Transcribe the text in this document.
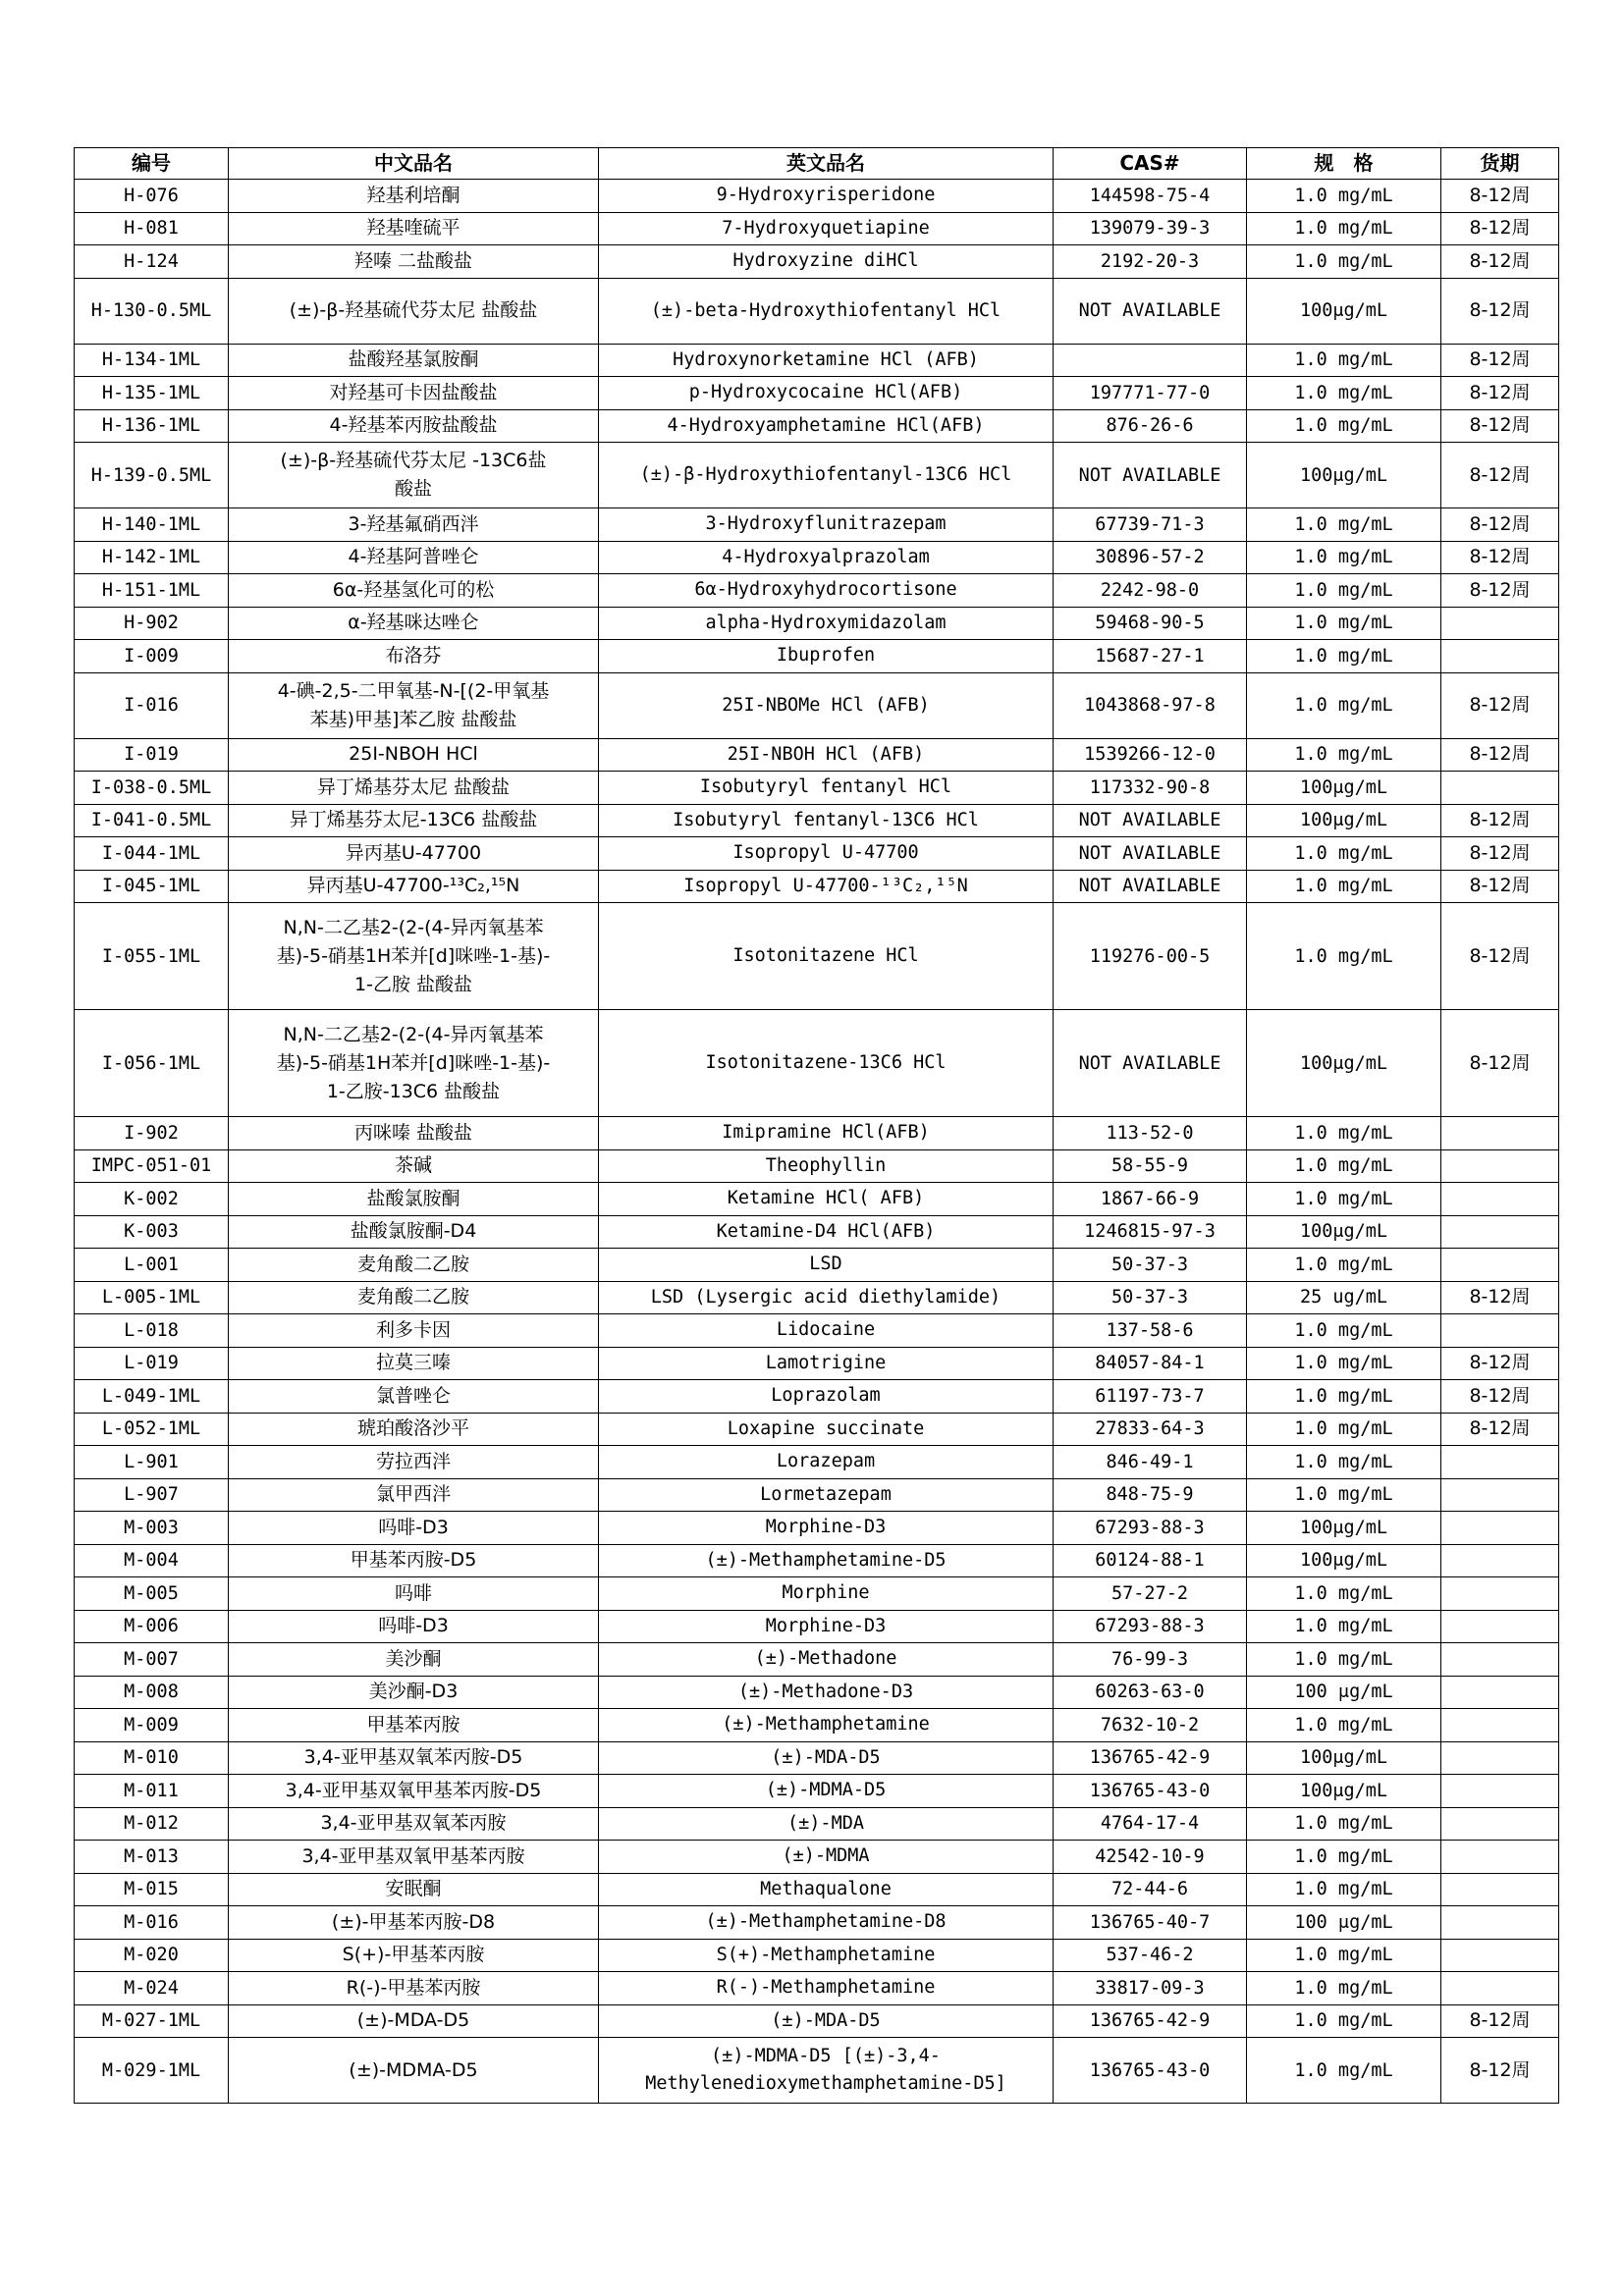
编号	中文品名	英文品名	CAS#	规　格	货期
H-076	羟基利培酮	9-Hydroxyrisperidone	144598-75-4	1.0 mg/mL	8-12周
H-081	羟基喹硫平	7-Hydroxyquetiapine	139079-39-3	1.0 mg/mL	8-12周
H-124	羟嗪 二盐酸盐	Hydroxyzine diHCl	2192-20-3	1.0 mg/mL	8-12周
H-130-0.5ML	(±)-β-羟基硫代芬太尼 盐酸盐	(±)-beta-Hydroxythiofentanyl HCl	NOT AVAILABLE	100μg/mL	8-12周
H-134-1ML	盐酸羟基氯胺酮	Hydroxynorketamine HCl (AFB)		1.0 mg/mL	8-12周
H-135-1ML	对羟基可卡因盐酸盐	p-Hydroxycocaine HCl(AFB)	197771-77-0	1.0 mg/mL	8-12周
H-136-1ML	4-羟基苯丙胺盐酸盐	4-Hydroxyamphetamine HCl(AFB)	876-26-6	1.0 mg/mL	8-12周
H-139-0.5ML	(±)-β-羟基硫代芬太尼 -13C6盐
酸盐	(±)-β-Hydroxythiofentanyl-13C6 HCl	NOT AVAILABLE	100μg/mL	8-12周
H-140-1ML	3-羟基氟硝西泮	3-Hydroxyflunitrazepam	67739-71-3	1.0 mg/mL	8-12周
H-142-1ML	4-羟基阿普唑仑	4-Hydroxyalprazolam	30896-57-2	1.0 mg/mL	8-12周
H-151-1ML	6α-羟基氢化可的松	6α-Hydroxyhydrocortisone	2242-98-0	1.0 mg/mL	8-12周
H-902	α-羟基咪达唑仑	alpha-Hydroxymidazolam	59468-90-5	1.0 mg/mL	
I-009	布洛芬	Ibuprofen	15687-27-1	1.0 mg/mL	
I-016	4-碘-2,5-二甲氧基-N-[(2-甲氧基
苯基)甲基]苯乙胺 盐酸盐	25I-NBOMe HCl (AFB)	1043868-97-8	1.0 mg/mL	8-12周
I-019	25I-NBOH HCl	25I-NBOH HCl (AFB)	1539266-12-0	1.0 mg/mL	8-12周
I-038-0.5ML	异丁烯基芬太尼 盐酸盐	Isobutyryl fentanyl HCl	117332-90-8	100μg/mL	
I-041-0.5ML	异丁烯基芬太尼-13C6 盐酸盐	Isobutyryl fentanyl-13C6 HCl	NOT AVAILABLE	100μg/mL	8-12周
I-044-1ML	异丙基U-47700	Isopropyl U-47700	NOT AVAILABLE	1.0 mg/mL	8-12周
I-045-1ML	异丙基U-47700-¹³C₂,¹⁵N	Isopropyl U-47700-¹³C₂,¹⁵N	NOT AVAILABLE	1.0 mg/mL	8-12周
I-055-1ML	N,N-二乙基2-(2-(4-异丙氧基苯
基)-5-硝基1H苯并[d]咪唑-1-基)-
1-乙胺 盐酸盐	Isotonitazene HCl	119276-00-5	1.0 mg/mL	8-12周
I-056-1ML	N,N-二乙基2-(2-(4-异丙氧基苯
基)-5-硝基1H苯并[d]咪唑-1-基)-
1-乙胺-13C6 盐酸盐	Isotonitazene-13C6 HCl	NOT AVAILABLE	100μg/mL	8-12周
I-902	丙咪嗪 盐酸盐	Imipramine HCl(AFB)	113-52-0	1.0 mg/mL	
IMPC-051-01	茶碱	Theophyllin	58-55-9	1.0 mg/mL	
K-002	盐酸氯胺酮	Ketamine HCl( AFB)	1867-66-9	1.0 mg/mL	
K-003	盐酸氯胺酮-D4	Ketamine-D4 HCl(AFB)	1246815-97-3	100μg/mL	
L-001	麦角酸二乙胺	LSD	50-37-3	1.0 mg/mL	
L-005-1ML	麦角酸二乙胺	LSD (Lysergic acid diethylamide)	50-37-3	25 ug/mL	8-12周
L-018	利多卡因	Lidocaine	137-58-6	1.0 mg/mL	
L-019	拉莫三嗪	Lamotrigine	84057-84-1	1.0 mg/mL	8-12周
L-049-1ML	氯普唑仑	Loprazolam	61197-73-7	1.0 mg/mL	8-12周
L-052-1ML	琥珀酸洛沙平	Loxapine succinate	27833-64-3	1.0 mg/mL	8-12周
L-901	劳拉西泮	Lorazepam	846-49-1	1.0 mg/mL	
L-907	氯甲西泮	Lormetazepam	848-75-9	1.0 mg/mL	
M-003	吗啡-D3	Morphine-D3	67293-88-3	100μg/mL	
M-004	甲基苯丙胺-D5	(±)-Methamphetamine-D5	60124-88-1	100μg/mL	
M-005	吗啡	Morphine	57-27-2	1.0 mg/mL	
M-006	吗啡-D3	Morphine-D3	67293-88-3	1.0 mg/mL	
M-007	美沙酮	(±)-Methadone	76-99-3	1.0 mg/mL	
M-008	美沙酮-D3	(±)-Methadone-D3	60263-63-0	100 μg/mL	
M-009	甲基苯丙胺	(±)-Methamphetamine	7632-10-2	1.0 mg/mL	
M-010	3,4-亚甲基双氧苯丙胺-D5	(±)-MDA-D5	136765-42-9	100μg/mL	
M-011	3,4-亚甲基双氧甲基苯丙胺-D5	(±)-MDMA-D5	136765-43-0	100μg/mL	
M-012	3,4-亚甲基双氧苯丙胺	(±)-MDA	4764-17-4	1.0 mg/mL	
M-013	3,4-亚甲基双氧甲基苯丙胺	(±)-MDMA	42542-10-9	1.0 mg/mL	
M-015	安眠酮	Methaqualone	72-44-6	1.0 mg/mL	
M-016	(±)-甲基苯丙胺-D8	(±)-Methamphetamine-D8	136765-40-7	100 μg/mL	
M-020	S(+)-甲基苯丙胺	S(+)-Methamphetamine	537-46-2	1.0 mg/mL	
M-024	R(-)-甲基苯丙胺	R(-)-Methamphetamine	33817-09-3	1.0 mg/mL	
M-027-1ML	(±)-MDA-D5	(±)-MDA-D5	136765-42-9	1.0 mg/mL	8-12周
M-029-1ML	(±)-MDMA-D5	(±)-MDMA-D5 [(±)-3,4-
Methylenedioxymethamphetamine-D5]	136765-43-0	1.0 mg/mL	8-12周
